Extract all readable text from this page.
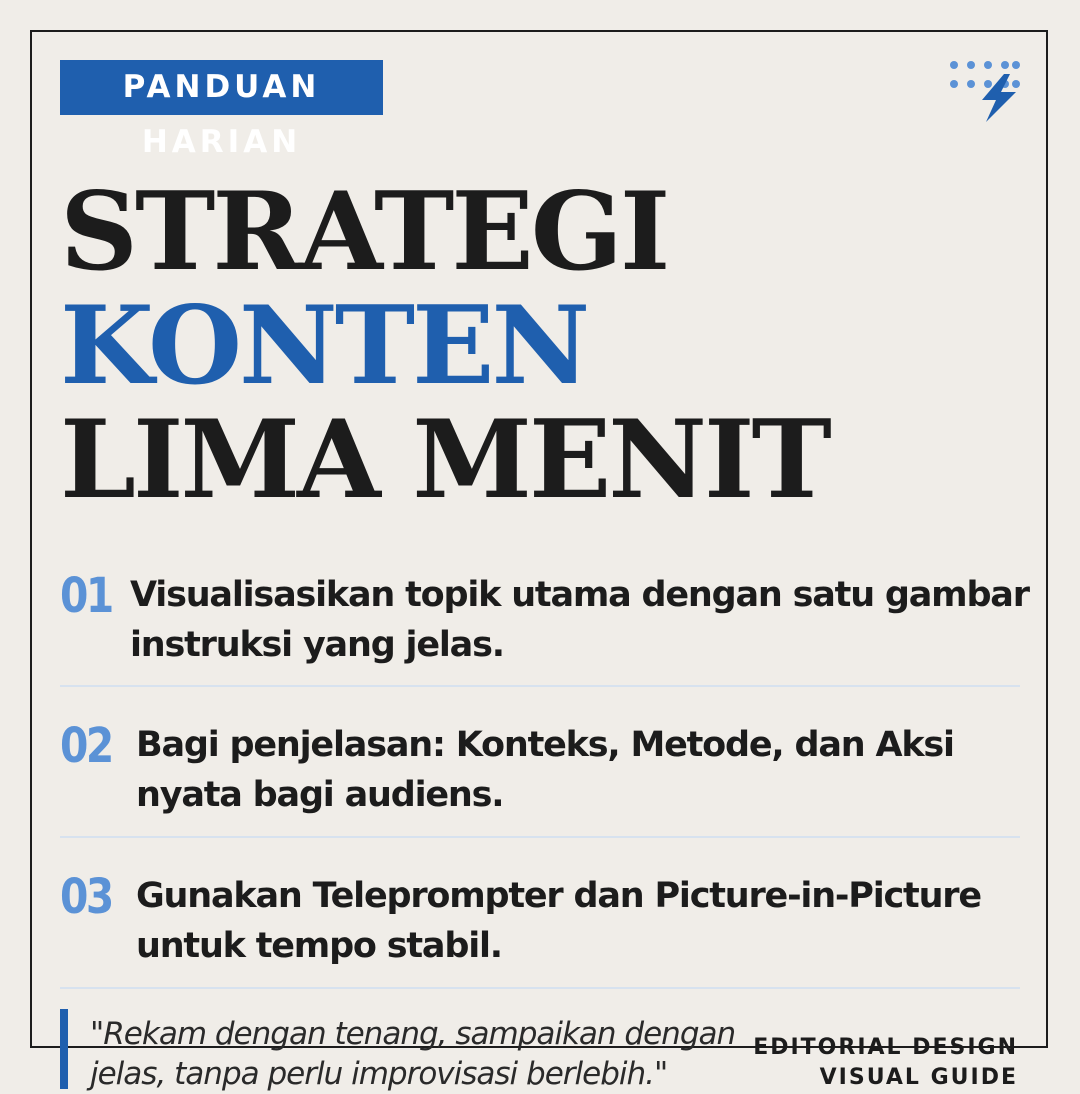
PANDUAN HARIAN
STRATEGI
KONTEN
LIMA MENIT
01 Visualisasikan topik utama dengan satu gambar instruksi yang jelas.

02 Bagi penjelasan: Konteks, Metode, dan Aksi nyata bagi audiens.

03 Gunakan Teleprompter dan Picture-in-Picture untuk tempo stabil.

"Rekam dengan tenang, sampaikan dengan jelas, tanpa perlu improvisasi berlebih."

EDITORIAL DESIGN
VISUAL GUIDE
